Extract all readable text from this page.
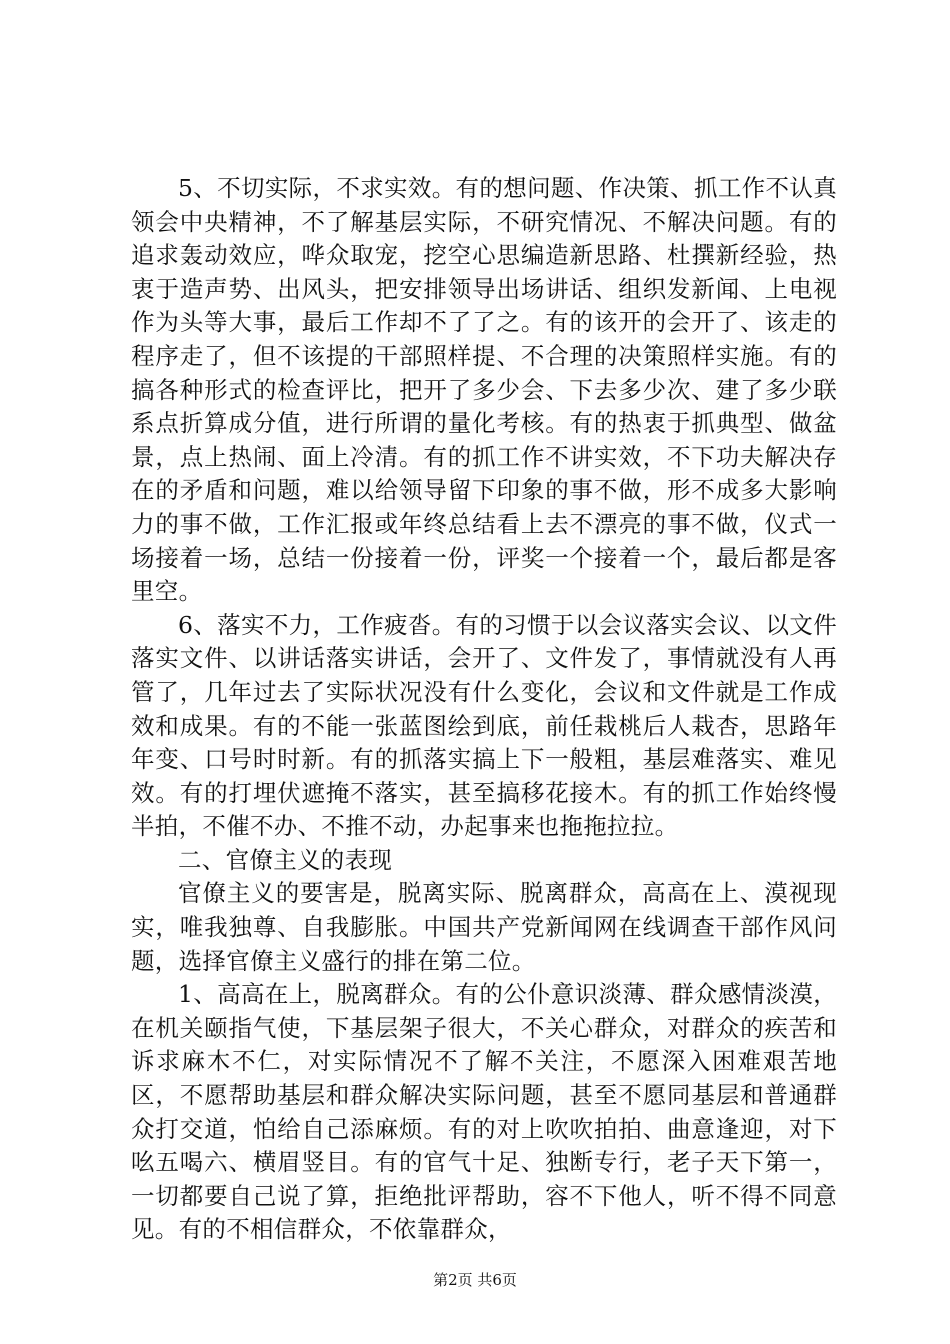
5、不切实际，不求实效。有的想问题、作决策、抓工作不认真领会中央精神，不了解基层实际，不研究情况、不解决问题。有的追求轰动效应，哗众取宠，挖空心思编造新思路、杜撰新经验，热衷于造声势、出风头，把安排领导出场讲话、组织发新闻、上电视作为头等大事，最后工作却不了了之。有的该开的会开了、该走的程序走了，但不该提的干部照样提、不合理的决策照样实施。有的搞各种形式的检查评比，把开了多少会、下去多少次、建了多少联系点折算成分值，进行所谓的量化考核。有的热衷于抓典型、做盆景，点上热闹、面上冷清。有的抓工作不讲实效，不下功夫解决存在的矛盾和问题，难以给领导留下印象的事不做，形不成多大影响力的事不做，工作汇报或年终总结看上去不漂亮的事不做，仪式一场接着一场，总结一份接着一份，评奖一个接着一个，最后都是客里空。

6、落实不力，工作疲沓。有的习惯于以会议落实会议、以文件落实文件、以讲话落实讲话，会开了、文件发了，事情就没有人再管了，几年过去了实际状况没有什么变化，会议和文件就是工作成效和成果。有的不能一张蓝图绘到底，前任栽桃后人栽杏，思路年年变、口号时时新。有的抓落实搞上下一般粗，基层难落实、难见效。有的打埋伏遮掩不落实，甚至搞移花接木。有的抓工作始终慢半拍，不催不办、不推不动，办起事来也拖拖拉拉。

二、官僚主义的表现

官僚主义的要害是，脱离实际、脱离群众，高高在上、漠视现实，唯我独尊、自我膨胀。中国共产党新闻网在线调查干部作风问题，选择官僚主义盛行的排在第二位。

1、高高在上，脱离群众。有的公仆意识淡薄、群众感情淡漠，在机关颐指气使，下基层架子很大，不关心群众，对群众的疾苦和诉求麻木不仁，对实际情况不了解不关注，不愿深入困难艰苦地区，不愿帮助基层和群众解决实际问题，甚至不愿同基层和普通群众打交道，怕给自己添麻烦。有的对上吹吹拍拍、曲意逢迎，对下吆五喝六、横眉竖目。有的官气十足、独断专行，老子天下第一，一切都要自己说了算，拒绝批评帮助，容不下他人，听不得不同意见。有的不相信群众，不依靠群众，

第2页 共6页
